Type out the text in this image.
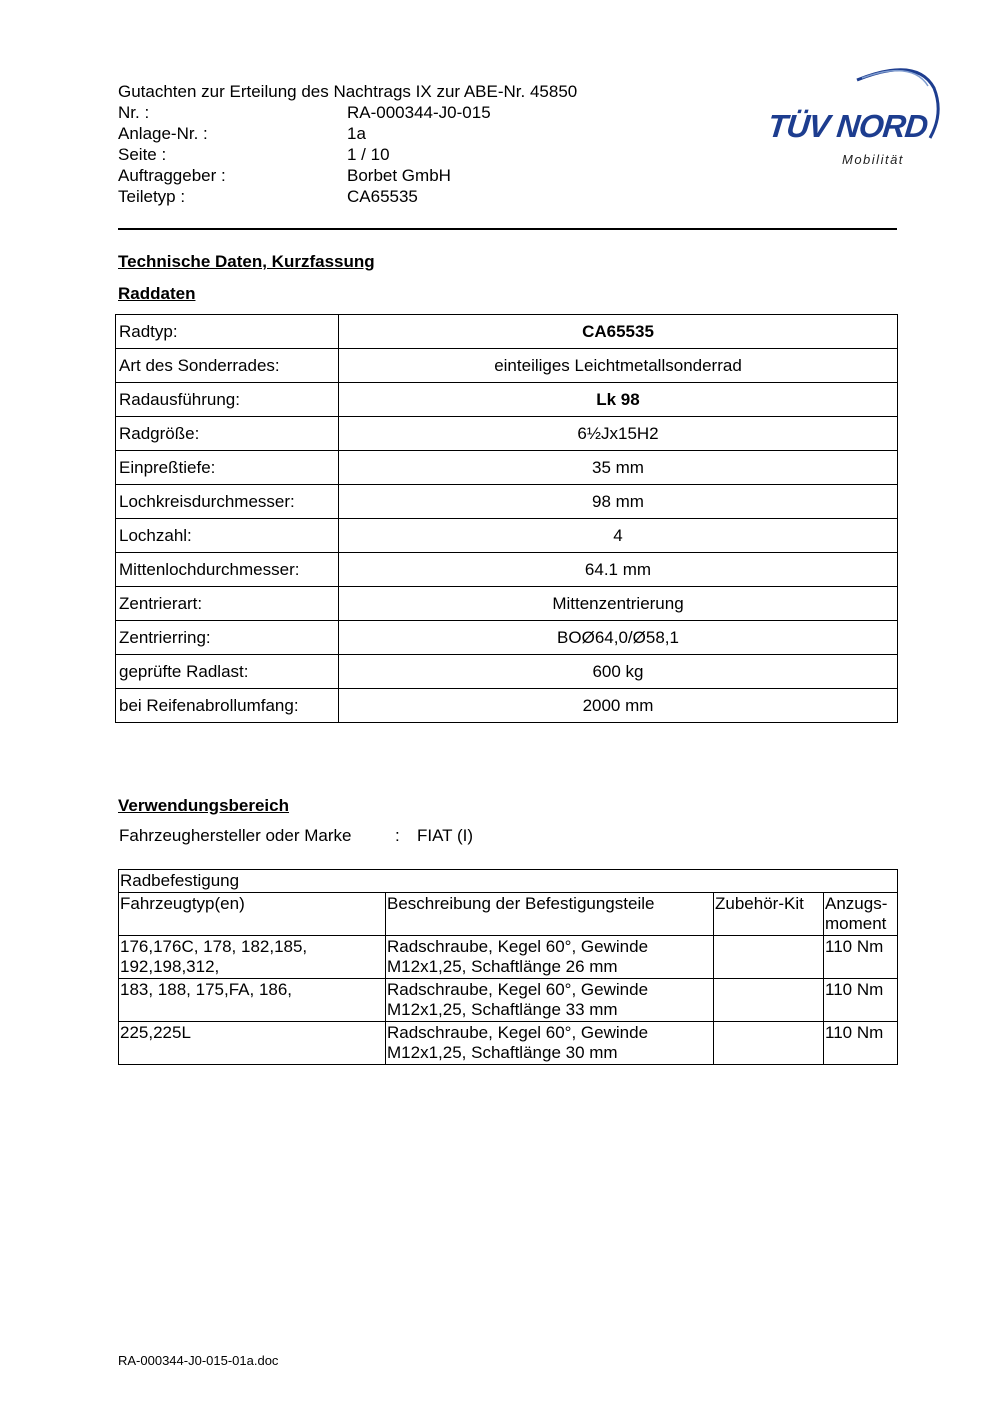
Gutachten zur Erteilung des Nachtrags IX zur ABE-Nr. 45850
Nr. :	RA-000344-J0-015
Anlage-Nr. :	1a
Seite :	1 / 10
Auftraggeber :	Borbet GmbH
Teiletyp :	CA65535
TÜV NORD
Mobilität
Technische Daten, Kurzfassung
Raddaten
Radtyp:	CA65535
Art des Sonderrades:	einteiliges Leichtmetallsonderrad
Radausführung:	Lk 98
Radgröße:	6½Jx15H2
Einpreßtiefe:	35 mm
Lochkreisdurchmesser:	98 mm
Lochzahl:	4
Mittenlochdurchmesser:	64.1 mm
Zentrierart:	Mittenzentrierung
Zentrierring:	BOØ64,0/Ø58,1
geprüfte Radlast:	600 kg
bei Reifenabrollumfang:	2000 mm
Verwendungsbereich
Fahrzeughersteller oder Marke	:	FIAT (I)
Radbefestigung			
Fahrzeugtyp(en)	Beschreibung der Befestigungsteile	Zubehör-Kit	Anzugs-moment
176,176C, 178, 182,185, 192,198,312,	Radschraube, Kegel 60°, Gewinde M12x1,25, Schaftlänge 26 mm		110 Nm
183, 188, 175,FA, 186,	Radschraube, Kegel 60°, Gewinde M12x1,25, Schaftlänge 33 mm		110 Nm
225,225L	Radschraube, Kegel 60°, Gewinde M12x1,25, Schaftlänge 30 mm		110 Nm
RA-000344-J0-015-01a.doc
